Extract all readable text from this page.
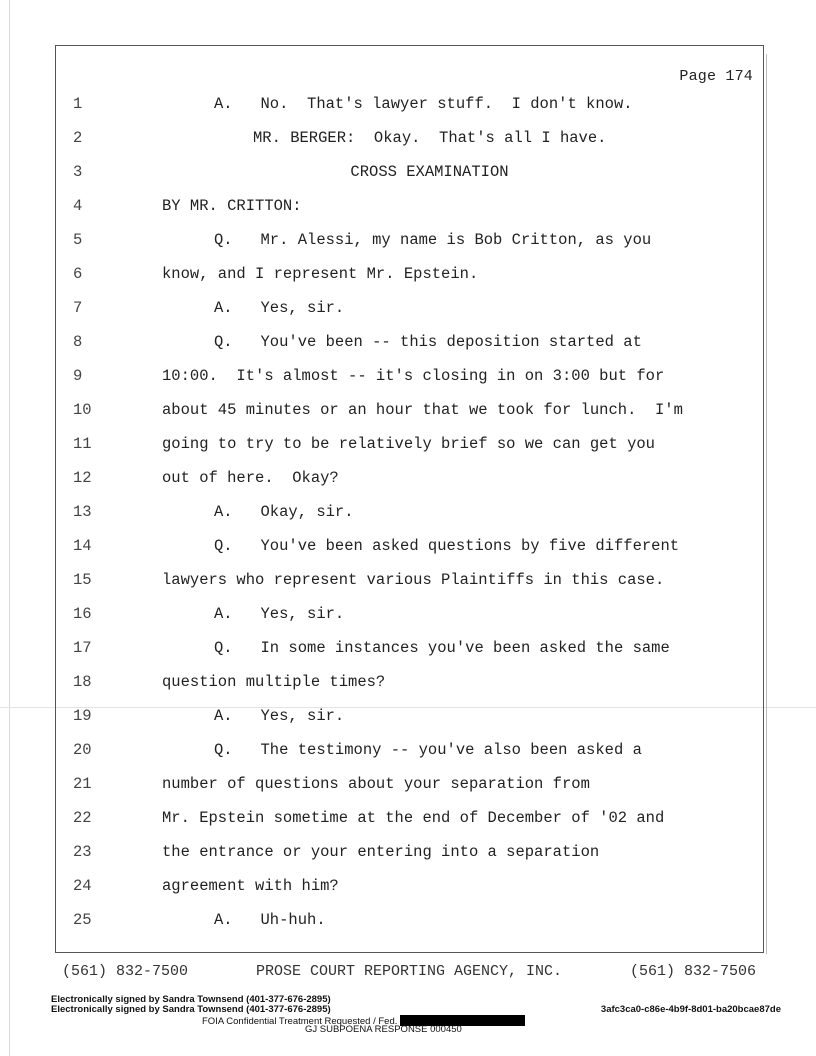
Page 174
1	A.   No.  That's lawyer stuff.  I don't know.
2	MR. BERGER:  Okay.  That's all I have.
3	CROSS EXAMINATION
4	BY MR. CRITTON:
5	Q.   Mr. Alessi, my name is Bob Critton, as you
6	know, and I represent Mr. Epstein.
7	A.   Yes, sir.
8	Q.   You've been -- this deposition started at
9	10:00.  It's almost -- it's closing in on 3:00 but for
10	about 45 minutes or an hour that we took for lunch.  I'm
11	going to try to be relatively brief so we can get you
12	out of here.  Okay?
13	A.   Okay, sir.
14	Q.   You've been asked questions by five different
15	lawyers who represent various Plaintiffs in this case.
16	A.   Yes, sir.
17	Q.   In some instances you've been asked the same
18	question multiple times?
19	A.   Yes, sir.
20	Q.   The testimony -- you've also been asked a
21	number of questions about your separation from
22	Mr. Epstein sometime at the end of December of '02 and
23	the entrance or your entering into a separation
24	agreement with him?
25	A.   Uh-huh.
(561) 832-7500	PROSE COURT REPORTING AGENCY, INC.	(561) 832-7506
Electronically signed by Sandra Townsend (401-377-676-2895)
Electronically signed by Sandra Townsend (401-377-676-2895)	3afc3ca0-c86e-4b9f-8d01-ba20bcae87de
FOIA Confidential Treatment Requested / Fed.
GJ SUBPOENA RESPONSE 000450
